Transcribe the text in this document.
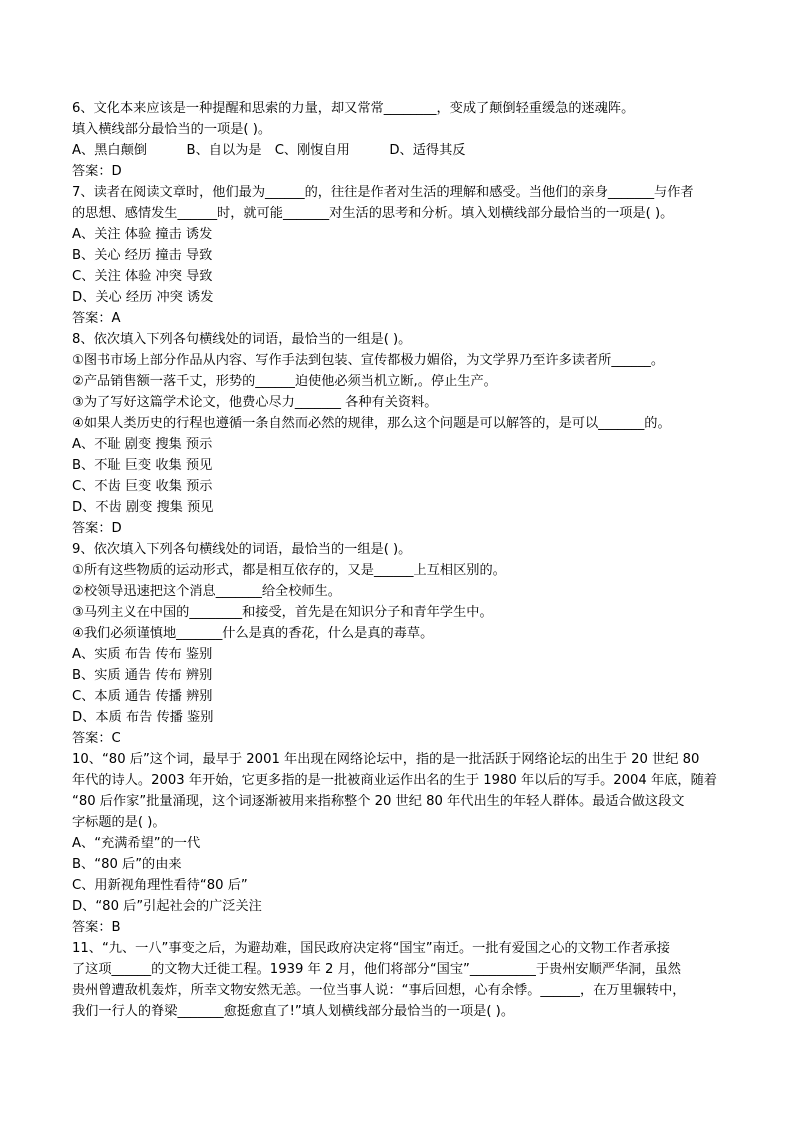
6、文化本来应该是一种提醒和思索的力量，却又常常________，变成了颠倒轻重缓急的迷魂阵。
填入横线部分最恰当的一项是( )。
A、黑白颠倒　　　B、自以为是　C、刚愎自用　　　D、适得其反
答案：D
7、读者在阅读文章时，他们最为______的，往往是作者对生活的理解和感受。当他们的亲身_______与作者
的思想、感情发生______时，就可能_______对生活的思考和分析。填入划横线部分最恰当的一项是( )。
A、关注 体验 撞击 诱发
B、关心 经历 撞击 导致
C、关注 体验 冲突 导致
D、关心 经历 冲突 诱发
答案：A
8、依次填入下列各句横线处的词语，最恰当的一组是( )。
①图书市场上部分作品从内容、写作手法到包装、宣传都极力媚俗，为文学界乃至许多读者所______。
②产品销售额一落千丈，形势的______迫使他必须当机立断,。停止生产。
③为了写好这篇学术论文，他费心尽力_______ 各种有关资料。
④如果人类历史的行程也遵循一条自然而必然的规律，那么这个问题是可以解答的，是可以_______的。
A、不耻 剧变 搜集 预示
B、不耻 巨变 收集 预见
C、不齿 巨变 收集 预示
D、不齿 剧变 搜集 预见
答案：D
9、依次填入下列各句横线处的词语，最恰当的一组是( )。
①所有这些物质的运动形式，都是相互依存的，又是______上互相区别的。
②校领导迅速把这个消息_______给全校师生。
③马列主义在中国的________和接受，首先是在知识分子和青年学生中。
④我们必须谨慎地_______什么是真的香花，什么是真的毒草。
A、实质 布告 传布 鉴别
B、实质 通告 传布 辨别
C、本质 通告 传播 辨别
D、本质 布告 传播 鉴别
答案：C
10、“80 后”这个词，最早于 2001 年出现在网络论坛中，指的是一批活跃于网络论坛的出生于 20 世纪 80
年代的诗人。2003 年开始，它更多指的是一批被商业运作出名的生于 1980 年以后的写手。2004 年底，随着
“80 后作家”批量涌现，这个词逐渐被用来指称整个 20 世纪 80 年代出生的年轻人群体。最适合做这段文
字标题的是( )。
A、“充满希望”的一代
B、“80 后”的由来
C、用新视角理性看待“80 后”
D、“80 后”引起社会的广泛关注
答案：B
11、“九、一八”事变之后，为避劫难，国民政府决定将“国宝”南迁。一批有爱国之心的文物工作者承接
了这项______的文物大迁徙工程。1939 年 2 月，他们将部分“国宝”__________于贵州安顺严华洞，虽然
贵州曾遭敌机轰炸，所幸文物安然无恙。一位当事人说：“事后回想，心有余悸。______，在万里辗转中，
我们一行人的脊梁_______愈挺愈直了!”填人划横线部分最恰当的一项是( )。
